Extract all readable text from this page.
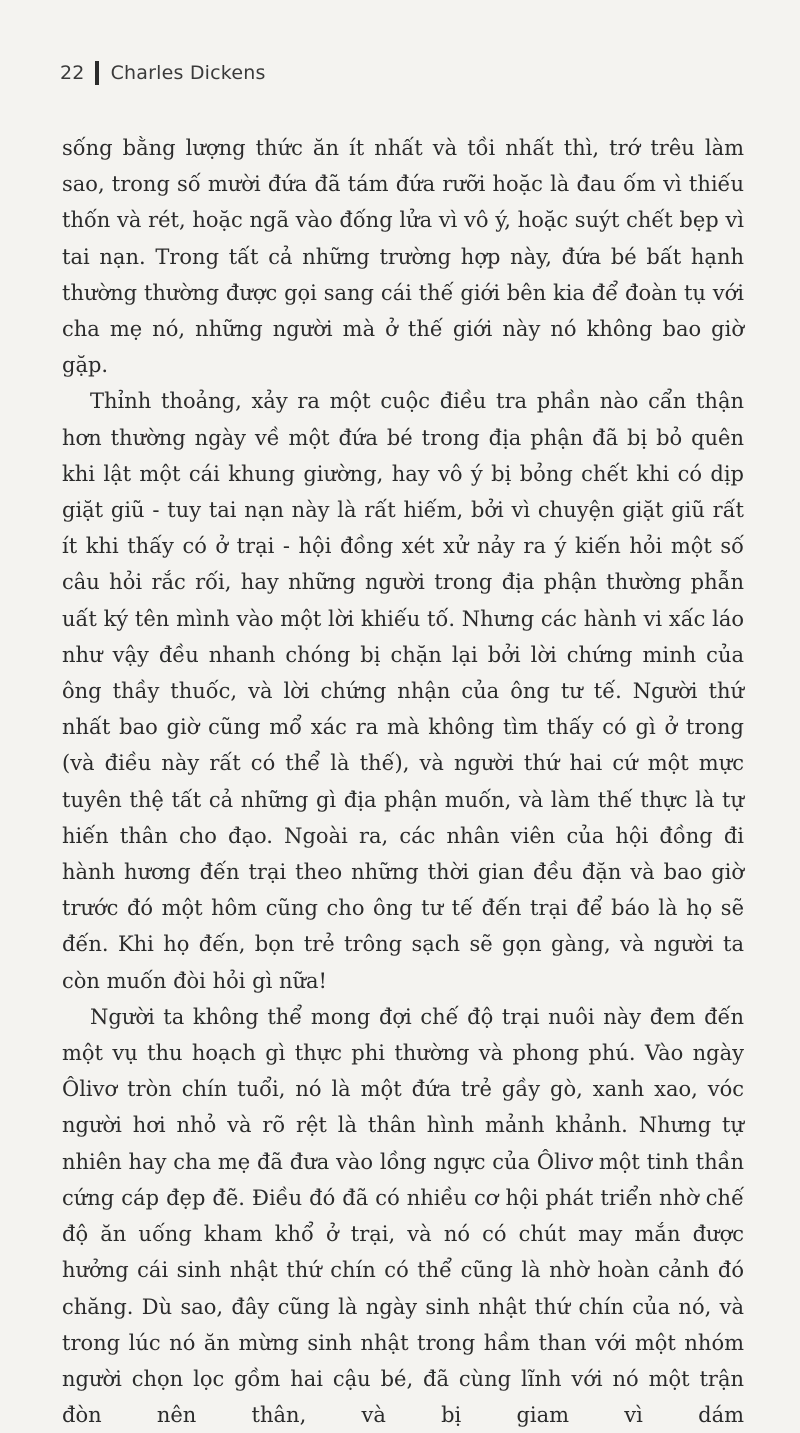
22 Charles Dickens

sống bằng lượng thức ăn ít nhất và tồi nhất thì, trớ trêu làm sao, trong số mười đứa đã tám đứa rưỡi hoặc là đau ốm vì thiếu thốn và rét, hoặc ngã vào đống lửa vì vô ý, hoặc suýt chết bẹp vì tai nạn. Trong tất cả những trường hợp này, đứa bé bất hạnh thường thường được gọi sang cái thế giới bên kia để đoàn tụ với cha mẹ nó, những người mà ở thế giới này nó không bao giờ gặp.

Thỉnh thoảng, xảy ra một cuộc điều tra phần nào cẩn thận hơn thường ngày về một đứa bé trong địa phận đã bị bỏ quên khi lật một cái khung giường, hay vô ý bị bỏng chết khi có dịp giặt giũ - tuy tai nạn này là rất hiếm, bởi vì chuyện giặt giũ rất ít khi thấy có ở trại - hội đồng xét xử nảy ra ý kiến hỏi một số câu hỏi rắc rối, hay những người trong địa phận thường phẫn uất ký tên mình vào một lời khiếu tố. Nhưng các hành vi xấc láo như vậy đều nhanh chóng bị chặn lại bởi lời chứng minh của ông thầy thuốc, và lời chứng nhận của ông tư tế. Người thứ nhất bao giờ cũng mổ xác ra mà không tìm thấy có gì ở trong (và điều này rất có thể là thế), và người thứ hai cứ một mực tuyên thệ tất cả những gì địa phận muốn, và làm thế thực là tự hiến thân cho đạo. Ngoài ra, các nhân viên của hội đồng đi hành hương đến trại theo những thời gian đều đặn và bao giờ trước đó một hôm cũng cho ông tư tế đến trại để báo là họ sẽ đến. Khi họ đến, bọn trẻ trông sạch sẽ gọn gàng, và người ta còn muốn đòi hỏi gì nữa!

Người ta không thể mong đợi chế độ trại nuôi này đem đến một vụ thu hoạch gì thực phi thường và phong phú. Vào ngày Ôlivơ tròn chín tuổi, nó là một đứa trẻ gầy gò, xanh xao, vóc người hơi nhỏ và rõ rệt là thân hình mảnh khảnh. Nhưng tự nhiên hay cha mẹ đã đưa vào lồng ngực của Ôlivơ một tinh thần cứng cáp đẹp đẽ. Điều đó đã có nhiều cơ hội phát triển nhờ chế độ ăn uống kham khổ ở trại, và nó có chút may mắn được hưởng cái sinh nhật thứ chín có thể cũng là nhờ hoàn cảnh đó chăng. Dù sao, đây cũng là ngày sinh nhật thứ chín của nó, và trong lúc nó ăn mừng sinh nhật trong hầm than với một nhóm người chọn lọc gồm hai cậu bé, đã cùng lĩnh với nó một trận đòn nên thân, và bị giam vì dám
